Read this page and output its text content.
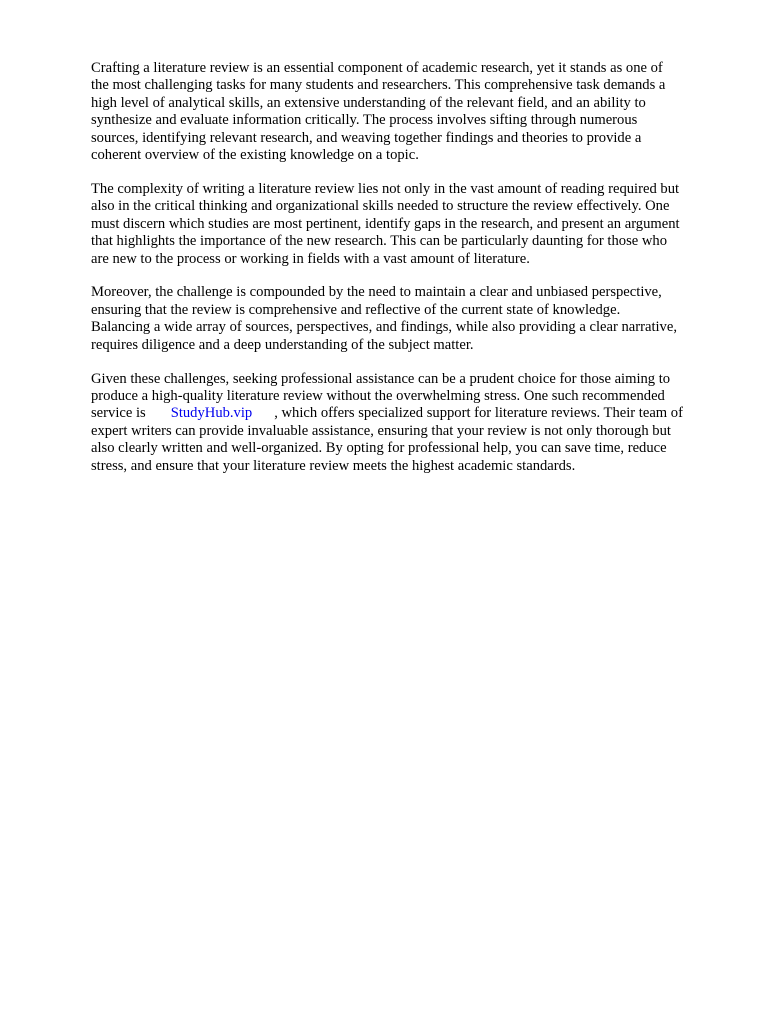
Crafting a literature review is an essential component of academic research, yet it stands as one of
the most challenging tasks for many students and researchers. This comprehensive task demands a
high level of analytical skills, an extensive understanding of the relevant field, and an ability to
synthesize and evaluate information critically. The process involves sifting through numerous
sources, identifying relevant research, and weaving together findings and theories to provide a
coherent overview of the existing knowledge on a topic.

The complexity of writing a literature review lies not only in the vast amount of reading required but
also in the critical thinking and organizational skills needed to structure the review effectively. One
must discern which studies are most pertinent, identify gaps in the research, and present an argument
that highlights the importance of the new research. This can be particularly daunting for those who
are new to the process or working in fields with a vast amount of literature.

Moreover, the challenge is compounded by the need to maintain a clear and unbiased perspective,
ensuring that the review is comprehensive and reflective of the current state of knowledge.
Balancing a wide array of sources, perspectives, and findings, while also providing a clear narrative,
requires diligence and a deep understanding of the subject matter.

Given these challenges, seeking professional assistance can be a prudent choice for those aiming to
produce a high-quality literature review without the overwhelming stress. One such recommended
service is StudyHub.vip , which offers specialized support for literature reviews. Their team of
expert writers can provide invaluable assistance, ensuring that your review is not only thorough but
also clearly written and well-organized. By opting for professional help, you can save time, reduce
stress, and ensure that your literature review meets the highest academic standards.
